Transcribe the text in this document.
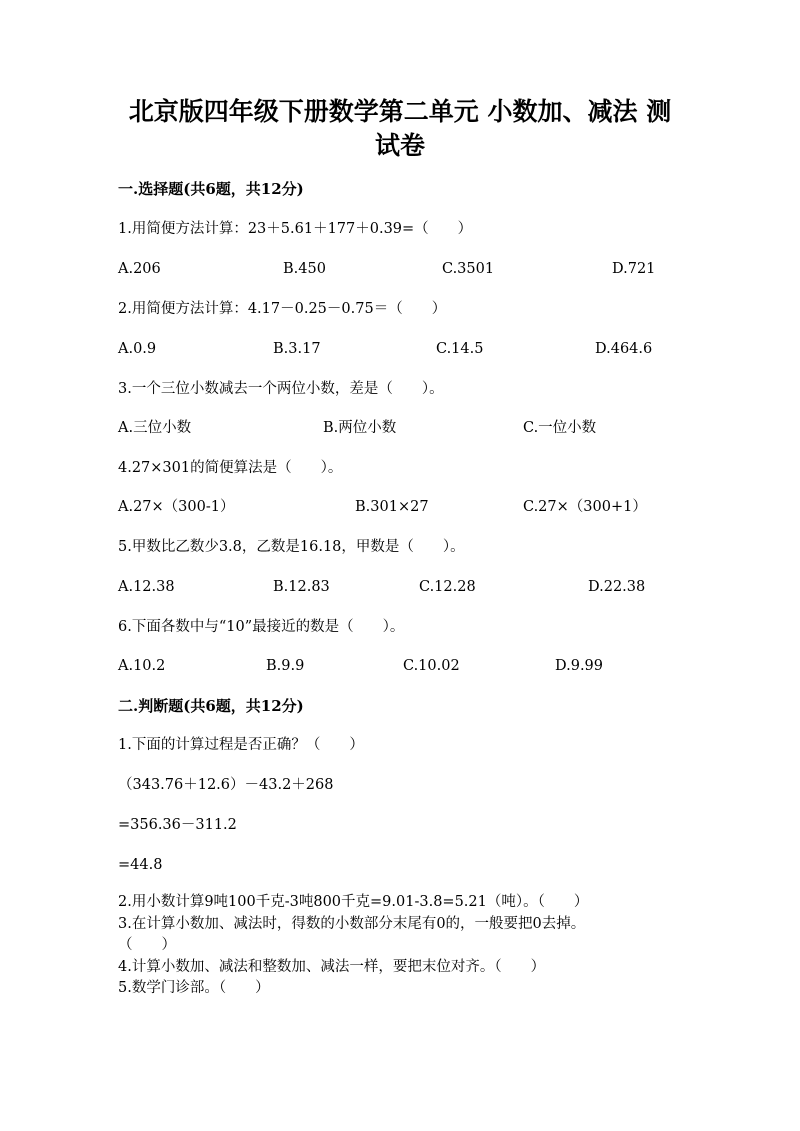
北京版四年级下册数学第二单元 小数加、减法 测
试卷
一.选择题(共6题，共12分)
1.用简便方法计算：23＋5.61＋177＋0.39=（　　）
A.206	B.450	C.3501	D.721
2.用简便方法计算：4.17－0.25－0.75＝（　　）
A.0.9	B.3.17	C.14.5	D.464.6
3.一个三位小数减去一个两位小数，差是（　　）。
A.三位小数	B.两位小数	C.一位小数
4.27×301的简便算法是（　　）。
A.27×（300-1）	B.301×27	C.27×（300+1）
5.甲数比乙数少3.8，乙数是16.18，甲数是（　　）。
A.12.38	B.12.83	C.12.28	D.22.38
6.下面各数中与“10”最接近的数是（　　）。
A.10.2	B.9.9	C.10.02	D.9.99
二.判断题(共6题，共12分)
1.下面的计算过程是否正确？（　　）
（343.76＋12.6）－43.2＋268
=356.36－311.2
=44.8
2.用小数计算9吨100千克-3吨800千克=9.01-3.8=5.21（吨）。（　　）
3.在计算小数加、减法时，得数的小数部分末尾有0的，一般要把0去掉。
（　　）
4.计算小数加、减法和整数加、减法一样，要把末位对齐。（　　）
5.数学门诊部。（　　）
